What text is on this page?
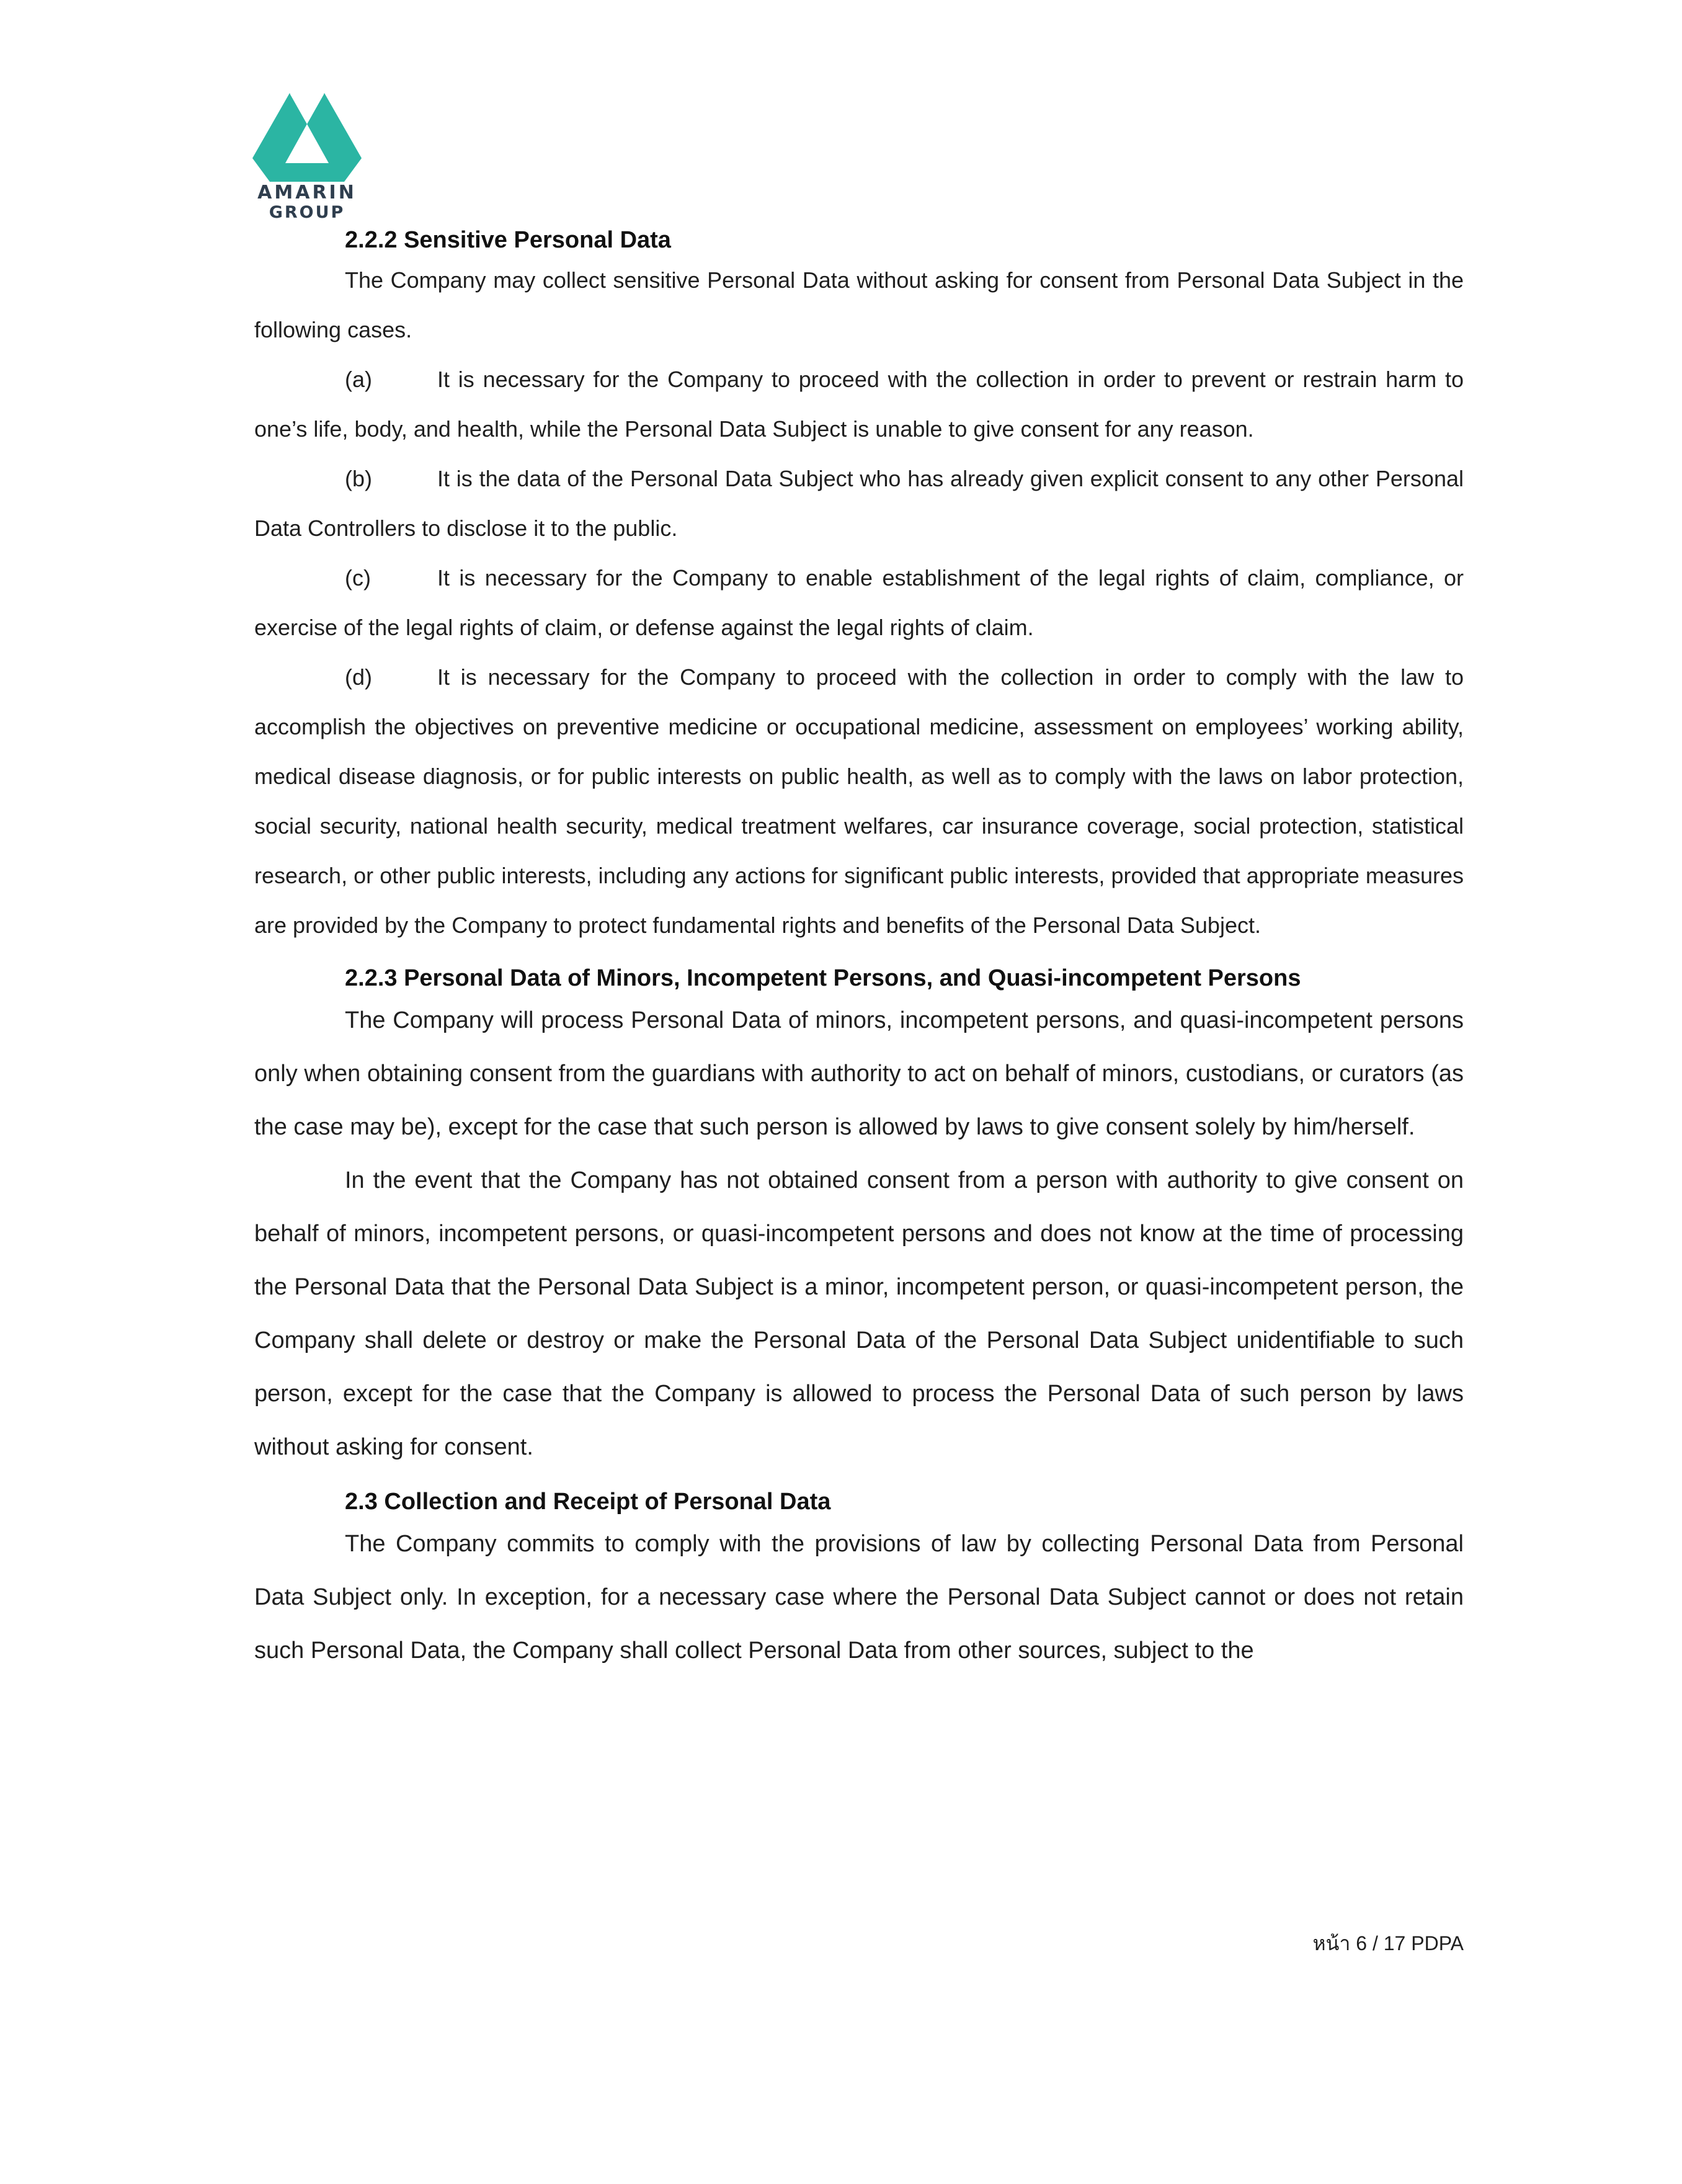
AMARIN
GROUP
2.2.2 Sensitive Personal Data

The Company may collect sensitive Personal Data without asking for consent from Personal Data Subject in the following cases.

(a)	It is necessary for the Company to proceed with the collection in order to prevent or restrain harm to one’s life, body, and health, while the Personal Data Subject is unable to give consent for any reason.

(b)	It is the data of the Personal Data Subject who has already given explicit consent to any other Personal Data Controllers to disclose it to the public.

(c)	It is necessary for the Company to enable establishment of the legal rights of claim, compliance, or exercise of the legal rights of claim, or defense against the legal rights of claim.

(d)	It is necessary for the Company to proceed with the collection in order to comply with the law to accomplish the objectives on preventive medicine or occupational medicine, assessment on employees’ working ability, medical disease diagnosis, or for public interests on public health, as well as to comply with the laws on labor protection, social security, national health security, medical treatment welfares, car insurance coverage, social protection, statistical research, or other public interests, including any actions for significant public interests, provided that appropriate measures are provided by the Company to protect fundamental rights and benefits of the Personal Data Subject.

2.2.3 Personal Data of Minors, Incompetent Persons, and Quasi-incompetent Persons

The Company will process Personal Data of minors, incompetent persons, and quasi-incompetent persons only when obtaining consent from the guardians with authority to act on behalf of minors, custodians, or curators (as the case may be), except for the case that such person is allowed by laws to give consent solely by him/herself.

In the event that the Company has not obtained consent from a person with authority to give consent on behalf of minors, incompetent persons, or quasi-incompetent persons and does not know at the time of processing the Personal Data that the Personal Data Subject is a minor, incompetent person, or quasi-incompetent person, the Company shall delete or destroy or make the Personal Data of the Personal Data Subject unidentifiable to such person, except for the case that the Company is allowed to process the Personal Data of such person by laws without asking for consent.

2.3 Collection and Receipt of Personal Data

The Company commits to comply with the provisions of law by collecting Personal Data from Personal Data Subject only. In exception, for a necessary case where the Personal Data Subject cannot or does not retain such Personal Data, the Company shall collect Personal Data from other sources, subject to the

หน้า 6 / 17 PDPA
